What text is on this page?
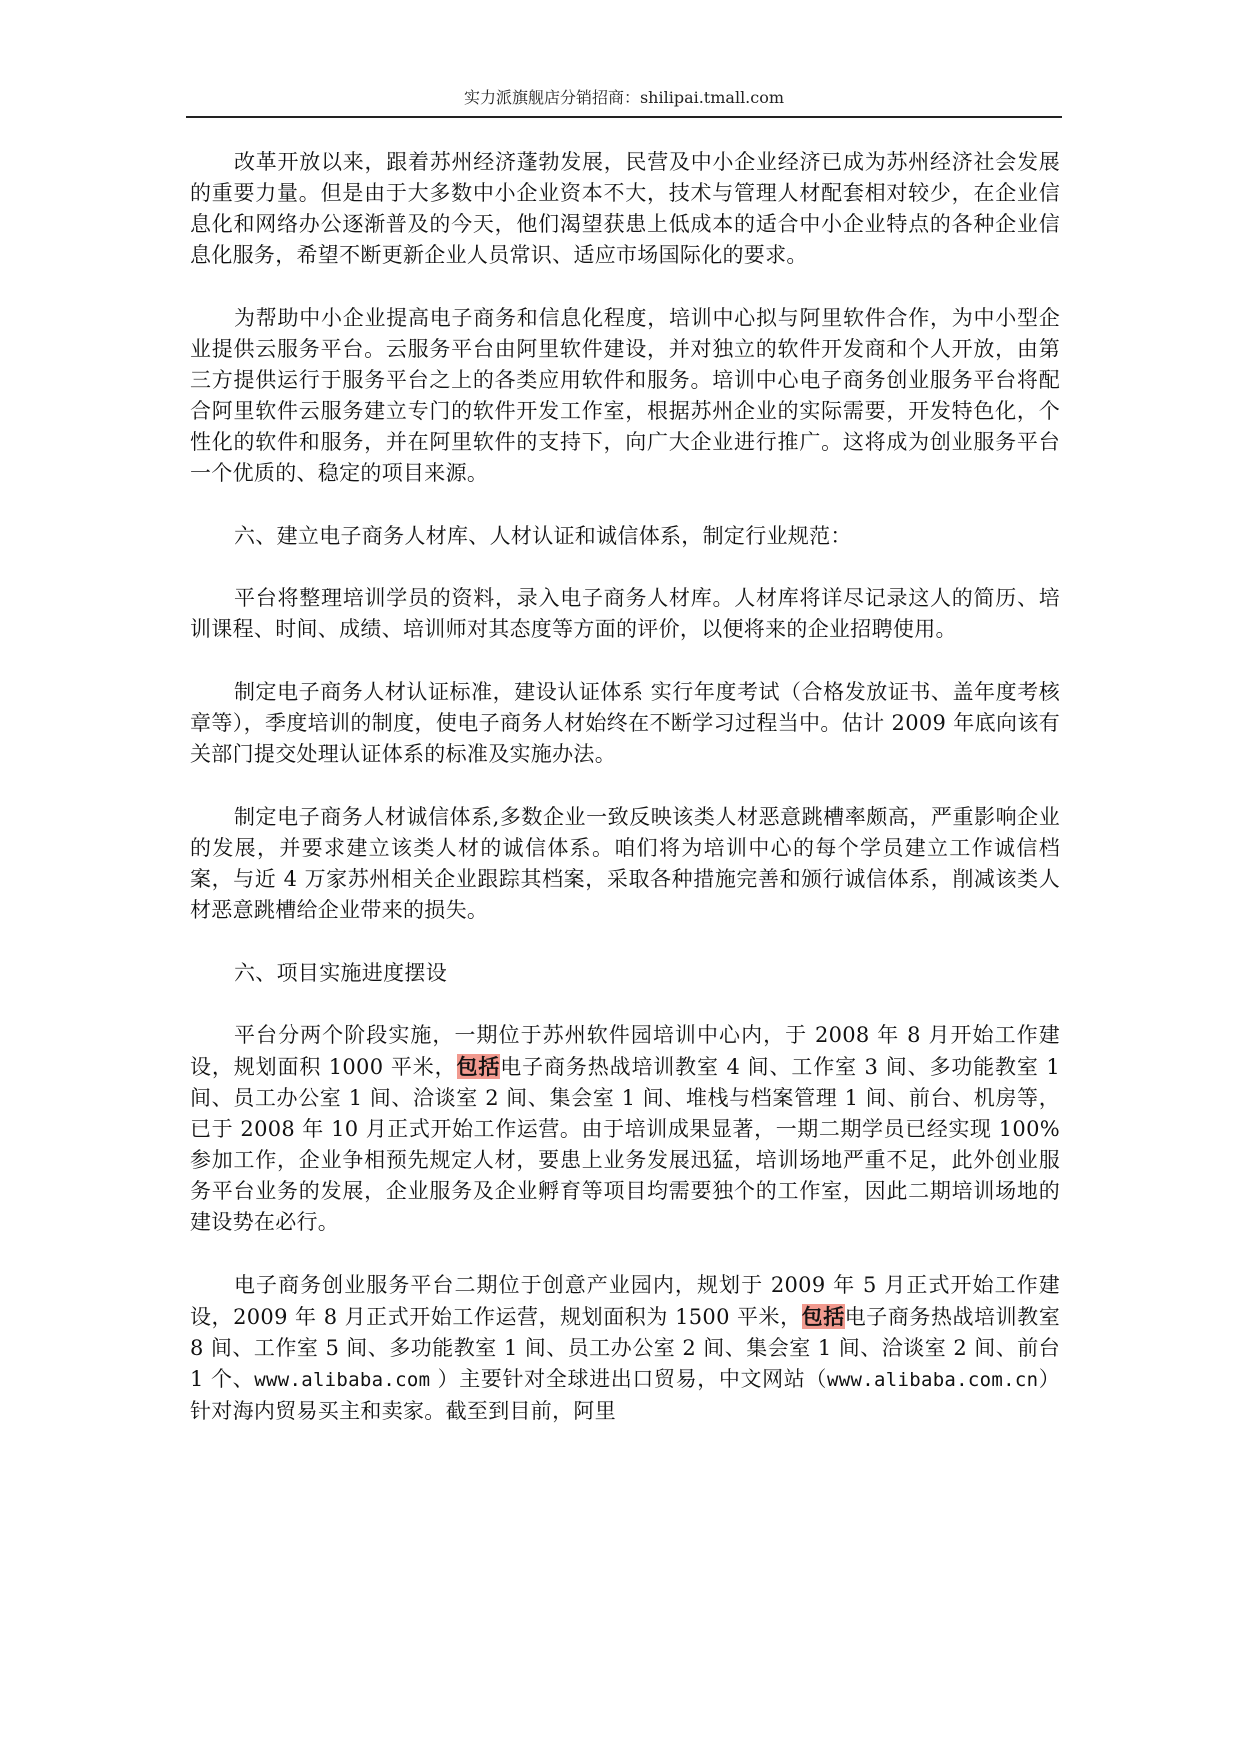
实力派旗舰店分销招商：shilipai.tmall.com

改革开放以来，跟着苏州经济蓬勃发展，民营及中小企业经济已成为苏州经济社会发展的重要力量。但是由于大多数中小企业资本不大，技术与管理人材配套相对较少，在企业信息化和网络办公逐渐普及的今天，他们渴望获患上低成本的适合中小企业特点的各种企业信息化服务，希望不断更新企业人员常识、适应市场国际化的要求。

为帮助中小企业提高电子商务和信息化程度，培训中心拟与阿里软件合作，为中小型企业提供云服务平台。云服务平台由阿里软件建设，并对独立的软件开发商和个人开放，由第三方提供运行于服务平台之上的各类应用软件和服务。培训中心电子商务创业服务平台将配合阿里软件云服务建立专门的软件开发工作室，根据苏州企业的实际需要，开发特色化，个性化的软件和服务，并在阿里软件的支持下，向广大企业进行推广。这将成为创业服务平台一个优质的、稳定的项目来源。

六、建立电子商务人材库、人材认证和诚信体系，制定行业规范：

平台将整理培训学员的资料，录入电子商务人材库。人材库将详尽记录这人的简历、培训课程、时间、成绩、培训师对其态度等方面的评价，以便将来的企业招聘使用。

制定电子商务人材认证标准，建设认证体系 实行年度考试（合格发放证书、盖年度考核章等），季度培训的制度，使电子商务人材始终在不断学习过程当中。估计 2009 年底向该有关部门提交处理认证体系的标准及实施办法。

制定电子商务人材诚信体系,多数企业一致反映该类人材恶意跳槽率颇高，严重影响企业的发展，并要求建立该类人材的诚信体系。咱们将为培训中心的每个学员建立工作诚信档案，与近 4 万家苏州相关企业跟踪其档案，采取各种措施完善和颁行诚信体系，削减该类人材恶意跳槽给企业带来的损失。

六、项目实施进度摆设

平台分两个阶段实施，一期位于苏州软件园培训中心内，于 2008 年 8 月开始工作建设，规划面积 1000 平米，包括电子商务热战培训教室 4 间、工作室 3 间、多功能教室 1 间、员工办公室 1 间、洽谈室 2 间、集会室 1 间、堆栈与档案管理 1 间、前台、机房等，已于 2008 年 10 月正式开始工作运营。由于培训成果显著，一期二期学员已经实现 100%参加工作，企业争相预先规定人材，要患上业务发展迅猛，培训场地严重不足，此外创业服务平台业务的发展，企业服务及企业孵育等项目均需要独个的工作室，因此二期培训场地的建设势在必行。

电子商务创业服务平台二期位于创意产业园内，规划于 2009 年 5 月正式开始工作建设，2009 年 8 月正式开始工作运营，规划面积为 1500 平米，包括电子商务热战培训教室 8 间、工作室 5 间、多功能教室 1 间、员工办公室 2 间、集会室 1 间、洽谈室 2 间、前台 1 个、www.alibaba.com ）主要针对全球进出口贸易，中文网站（www.alibaba.com.cn）针对海内贸易买主和卖家。截至到目前，阿里
